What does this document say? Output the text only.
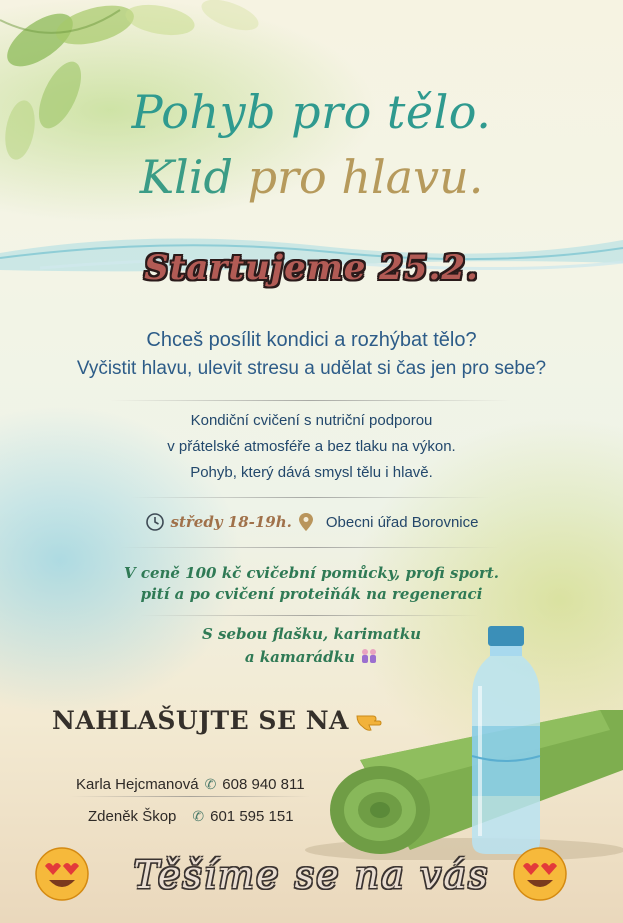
Pohyb pro tělo.
Klid pro hlavu.
Startujeme 25.2.
Chceš posílit kondici a rozhýbat tělo?
Vyčistit hlavu, ulevit stresu a udělat si čas jen pro sebe?
Kondiční cvičení s nutriční podporou
v přátelské atmosféře a bez tlaku na výkon.
Pohyb, který dává smysl tělu i hlavě.
středy 18-19h. Obecni úřad Borovnice
V ceně 100 kč cvičební pomůcky, profi sport.
pití a po cvičení proteiňák na regeneraci
S sebou flašku, karimatku
a kamarádku
NAHLAŠUJTE SE NA
Karla Hejcmanová ✆ 608 940 811
Zdeněk Škop ✆ 601 595 151
Těšíme se na vás
